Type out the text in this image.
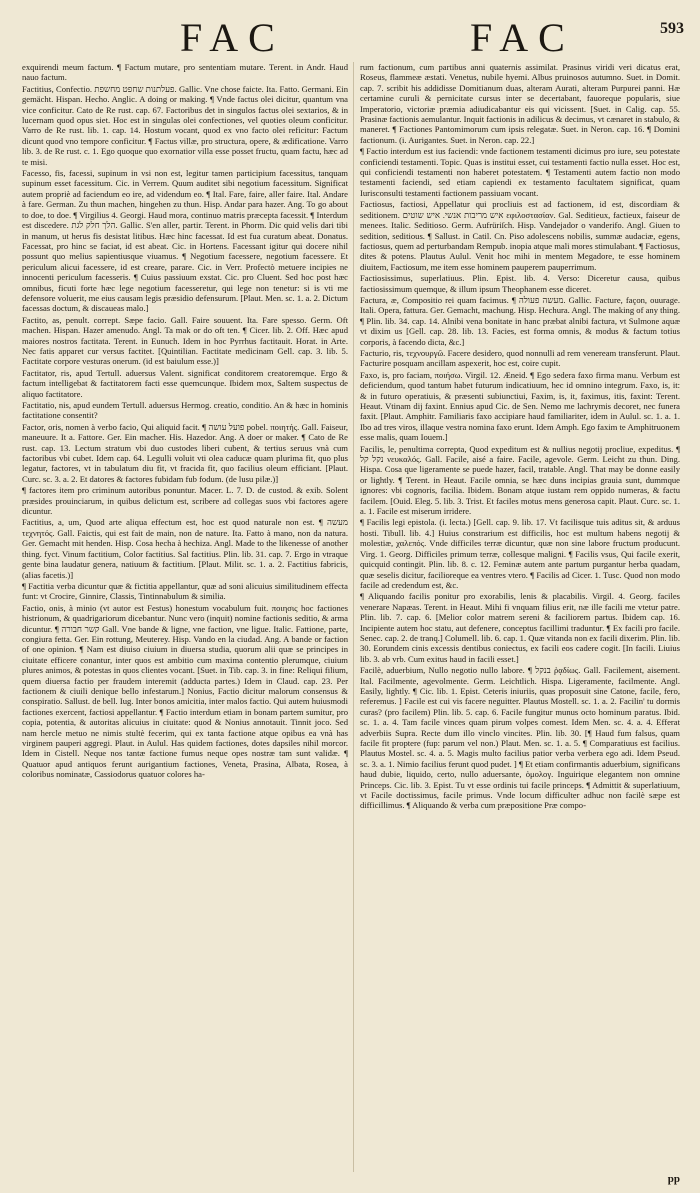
FAC	FAC	593

exquirendi meum factum. ¶ Factum mutare, pro sententiam mutare. Terent. in Andr. Haud nauo factum.

Factitius, Confectio. פעלתנות שחפט מחשפת. Gallic. Vne chose faicte. Ita. Fatto. Germani. Ein gemächt. Hispan. Hecho. Anglic. A doing or making. ¶ Vnde factus olei dicitur, quantum vna vice conficitur. Cato de Re rust. cap. 67. Factoribus det in singulos factus olei sextarios, & in lucernam quod opus siet. Hoc est in singulas olei confectiones, vel quoties oleum conficitur. Varro de Re rust. lib. 1. cap. 14. Hostum vocant, quod ex vno facto olei reficitur: Factum dicunt quod vno tempore conficitur. ¶ Factus villæ, pro structura, opere, & ædificatione. Varro lib. 3. de Re rust. c. 1. Ego quoque quo exornatior villa esse posset fructu, quam factu, hæc ad te misi.

Facesso, fis, facessi, supinum in vsi non est, legitur tamen participium facessitus, tanquam supinum esset facessitum. Cic. in Verrem. Quum auditet sibi negotium facessitum. Significat autem propriè ad faciendum eo ire, ad videndum eo. ¶ Ital. Fare, faire, aller faire. Ital. Andare à fare. German. Zu thun machen, hingehen zu thun. Hisp. Andar para hazer. Ang. To go about to doe, to doe. ¶ Virgilius 4. Georgi. Haud mora, continuo matris præcepta facessit. ¶ Interdum est discedere. הלך חלק לגת. Gallic. S'en aller, partir. Terent. in Phorm. Dic quid velis dari tibi in manum, ut herus fis desistat litibus. Hæc hinc facessat. Id est fua curatum abeat. Donatus. Facessat, pro hinc se faciat, id est abeat. Cic. in Hortens. Facessant igitur qui docere nihil possunt quo melius sapientiusque viuamus. ¶ Negotium facessere, negotium facessere. Et periculum alicui facessere, id est creare, parare. Cic. in Verr. Profectò metuere incipies ne innocenti periculum facesseris. ¶ Cuius passiuum exstat. Cic. pro Cluent. Sed hoc post hæc omnibus, ficuti forte hæc lege negotium facesseretur, qui lege non tenetur: si is vti me defensore voluerit, me eius causam legis præsidio defensurum. [Plaut. Men. sc. 1. a. 2. Dictum facessas doctum, & discaueas malo.]

Factito, as, penult. corrept. Sæpe facio. Gall. Faire souuent. Ita. Fare spesso. Germ. Oft machen. Hispan. Hazer amenudo. Angl. Ta mak or do oft ten. ¶ Cicer. lib. 2. Off. Hæc apud maiores nostros factitata. Terent. in Eunuch. Idem in hoc Pyrrhus factitauit. Horat. in Arte. Nec fatis apparet cur versus factitet. [Quintilian. Factitate medicinam Gell. cap. 3. lib. 5. Factitate corpore vesturas onerum. (id est baiulum esse.)]

Factitator, ris, apud Tertull. aduersus Valent. significat conditorem creatoremque. Ergo & factum intelligebat & factitatorem facti esse quemcunque. Ibidem mox, Saltem suspectus de aliquo factitatore.

Factitatio, nis, apud eundem Tertull. aduersus Hermog. creatio, conditio. An & hæc in hominis factitatione consentit?

Factor, oris, nomen à verbo facio, Qui aliquid facit. ¶ פועל עושה pobel. ποιητής. Gall. Faiseur, maneuure. It a. Fattore. Ger. Ein macher. His. Hazedor. Ang. A doer or maker. ¶ Cato de Re rust. cap. 13. Lectum stratum vbi duo custodes liberi cubent, & tertius seruus vnà cum factoribus vbi cubet. Idem cap. 64. Legulli voluit vti olea caducæ quam plurima fit, quo plus legatur, factores, vt in tabulatum diu fit, vt fracida fit, quo facilius oleum efficiant. [Plaut. Curc. sc. 3. a. 2. Et datores & factores fubidam fub fodum. (de lusu pilæ.)]

¶ factores item pro criminum autoribus ponuntur. Macer. L. 7. D. de custod. & exib. Solent præsides prouinciarum, in quibus delictum est, scribere ad collegas suos vbi factores agere dicuntur.

Factitius, a, um, Quod arte aliqua effectum est, hoc est quod naturale non est. ¶ מעשה τεχνητός. Gall. Faictis, qui est fait de main, non de nature. Ita. Fatto à mano, non da natura. Ger. Gemacht mit henden. Hisp. Cosa hecha à hechiza. Angl. Made to the likenesse of another thing. fyct. Vinum factitium, Color factitius. Sal factitius. Plin. lib. 31. cap. 7. Ergo in vtraque gente bina laudatur genera, natiuum & factitium. [Plaut. Milit. sc. 1. a. 2. Factitius fabricis, (alias facetis.)]

¶ Factitia verba dicuntur quæ & fictitia appellantur, quæ ad soni alicuius similitudinem effecta funt: vt Crocire, Ginnire, Classis, Tintinnabulum & similia.

Factio, onis, à minio (vt autor est Festus) honestum vocabulum fuit. ποιησις hoc factiones histrionum, & quadrigariorum dicebantur. Nunc vero (inquit) nomine factionis seditio, & arma dicuntur. ¶ קשר חבורה Gall. Vne bande & ligne, vne faction, vne ligue. Italic. Fattione, parte, congiura fetta. Ger. Ein rottung, Meuterey. Hisp. Vando en la ciudad. Ang. A bande or faction of one opinion. ¶ Nam est diuiso ciuium in diuersa studia, quorum alii quæ se principes in ciuitate efficere conantur, inter quos est ambitio cum maxima contentio plerumque, ciuium plures animos, & potestas in quos clientes vocant. [Suet. in Tib. cap. 3. in fine: Reliqui filium, quem diuersa factio per fraudem interemit (adducta partes.) Idem in Claud. cap. 23. Per factionem & ciuili denique bello infestarum.] Nonius, Factio dicitur malorum consensus & conspiratio. Sallust. de bell. Iug. Inter bonos amicitia, inter malos factio. Qui autem huiusmodi factiones exercent, factiosi appellantur. ¶ Factio interdum etiam in bonam partem sumitur, pro copia, potentia, & autoritas alicuius in ciuitate: quod & Nonius annotauit. Tinnit joco. Sed nam hercle metuo ne nimis stultè fecerim, qui ex tanta factione atque opibus ea vnà has virginem pauperi aggregi. Plaut. in Aulul. Has quidem factiones, dotes dapsiles nihil morcor. Idem in Cistell. Neque nos tantæ factione fumus neque opes nostræ tam sunt validæ. ¶ Quatuor apud antiquos ferunt aurigantium factiones, Veneta, Prasina, Albata, Rosea, à coloribus nominatæ, Cassiodorus quatuor colores ha-

rum factionum, cum partibus anni quaternis assimilat. Prasinus viridi veri dicatus erat, Roseus, flammeæ æstati. Venetus, nubile hyemi. Albus pruinosos autumno. Suet. in Domit. cap. 7. scribit his addidisse Domitianum duas, alteram Aurati, alteram Purpurei panni. Hæ certamine curuli & pernicitate cursus inter se decertabant, fauoreque popularis, siue Imperatorio, victoriæ præmia adiudicabantur eis qui vicissent. [Suet. in Calig. cap. 55. Prasinæ factionis aemulantur. Inquit factionis in adilicus & decimus, vt cænaret in stabulo, & maneret. ¶ Factiones Pantomimorum cum ipsis relegatæ. Suet. in Neron. cap. 16. ¶ Domini factionum. (i. Aurigantes. Suet. in Neron. cap. 22.]

¶ Factio interdum est ius faciendi: vnde factionem testamenti dicimus pro iure, seu potestate conficiendi testamenti. Topic. Quas is institui esset, cui testamenti factio nulla esset. Hoc est, qui conficiendi testamenti non haberet potestatem. ¶ Testamenti autem factio non modo testamenti faciendi, sed etiam capiendi ex testamento facultatem significat, quam Iurisconsulti testamenti factionem passiuam vocant.

Factiosus, factiosi, Appellatur qui procliuis est ad factionem, id est, discordiam & seditionem. איש מריבות אנשי. איש שוטים εφιλοστασίαν. Gal. Seditieux, factieux, faiseur de menees. Italic. Seditioso. Germ. Aufrüriſch. Hisp. Vandejador o vanderifo. Angl. Giuen to sedition, seditious. ¶ Sallust. in Catil. Cn. Piso adolescens nobilis, summæ audaciæ, egens, factiosus, quem ad perturbandam Rempub. inopia atque mali mores stimulabant. ¶ Factiosus, dites & potens. Plautus Aulul. Venit hoc mihi in mentem Megadore, te esse hominem diuitem, Factiosum, me item esse hominem pauperem pauperrimum.

Factiosissimus, superlatiuus. Plin. Epist. lib. 4. Verso: Diceretur causa, quibus factiosissimum quemque, & illum ipsum Theophanem esse diceret.

Factura, æ, Compositio rei quam facimus. ¶ מעשה פעולה. Gallic. Facture, façon, ouurage. Itali. Opera, fattura. Ger. Gemacht, machung. Hisp. Hechura. Angl. The making of any thing. ¶ Plin. lib. 34. cap. 14. Alnibi vena bonitate in hanc præbat alnibi factura, vt Sulmone aquæ vt dixim us [Gell. cap. 28. lib. 13. Facies, est forma omnis, & modus & factum totius corporis, à facendo dicta, &c.]

Facturio, ris, τεχνουργῶ. Facere desidero, quod nonnulli ad rem veneream transferunt. Plaut. Facturire posquam ancillam aspexerit, hoc est, coire cupit.

Faxo, is, pro faciam, ποιήσω. Virgil. 12. Æneid. ¶ Ego sedera faxo firma manu. Verbum est deficiendum, quod tantum habet futurum indicatiuum, hec id omnino integrum. Faxo, is, it: & in futuro operatiuis, & præsenti subiunctiui, Faxim, is, it, faximus, itis, faxint: Terent. Heaut. Vtinam dij faxint. Ennius apud Cic. de Sen. Nemo me lachrymis decoret, nec funera faxit. [Plaut. Amphitr. Familiaris faxo accipiare haud familiariter, idem in Aulul. sc. 1. a. 1. Ibo ad tres viros, illaque vestra nomina faxo erunt. Idem Amph. Ego faxim te Amphitruonem esse malis, quam Iouem.]

Facilis, le, penultima correpta, Quod expeditum est & nullius negotij procliue, expeditus. ¶ נקל קל νευκαλός. Gall. Facile, aisé a faire. Facile, agevole. Germ. Leicht zu thun. Ding. Hispa. Cosa que ligeramente se puede hazer, facil, tratable. Angl. That may be donne easily or lightly. ¶ Terent. in Heaut. Facile omnia, se hæc duns incipias grauia sunt, dummque ignores: vbi cognoris, facilia. Ibidem. Bonam atque iustam rem oppido numeras, & factu facilem. [Ouid. Eleg. 5. lib. 3. Trist. Et faciles motus mens generosa capit. Plaut. Curc. sc. 1. a. 1. Facile est miserum irridere.

¶ Facilis legi epistola. (i. lecta.) [Gell. cap. 9. lib. 17. Vt facilisque tuis aditus sit, & arduus hosti. Tibull. lib. 4.] Huius constrarium est difficilis, hoc est multum habens negotij & molestiæ, χαλεπός. Vnde difficiles terræ dicuntur, quæ non sine labore fructum producunt. Virg. 1. Georg. Difficiles primum terræ, collesque maligni. ¶ Facilis vsus, Qui facile exerit, quicquid contingit. Plin. lib. 8. c. 12. Feminæ autem ante partum purgantur herba quadam, quæ seselis dicitur, facilioreque ea ventres vtero. ¶ Facilis ad Cicer. 1. Tusc. Quod non modo facile ad credendum est, &c.

¶ Aliquando facilis ponitur pro exorabilis, lenis & placabilis. Virgil. 4. Georg. faciles venerare Napæas. Terent. in Heaut. Mihi fi vnquam filius erit, næ ille facili me vtetur patre. Plin. lib. 7. cap. 6. [Melior color matrem sereni & faciliorem partus. Ibidem cap. 16. Incipiente autem hoc statu, aut defenere, conceptus facillimi traduntur. ¶ Ex facili pro facile. Senec. cap. 2. de tranq.] Columell. lib. 6. cap. 1. Quæ vitanda non ex facili dixerim. Plin. lib. 30. Eorundem cinis excessis dentibus coniectus, ex facili eos cadere cogit. [In facili. Liuius lib. 3. ab vrb. Cum exitus haud in facili esset.]

Facilè, aduerbium, Nullo negotio nullo labore. ¶ בנקל ῥᾳδίως. Gall. Facilement, aisement. Ital. Facilmente, agevolmente. Germ. Leichtlich. Hispa. Ligeramente, facilmente. Angl. Easily, lightly. ¶ Cic. lib. 1. Epist. Ceteris iniuriis, quas proposuit sine Catone, facile, fero, referemus. ] Facile est cui vis facere neguitter. Plautus Mostell. sc. 1. a. 2. Facilin' tu dormis curas? (pro facilem) Plin. lib. 5. cap. 6. Facile fungitur munus octo hominum paratus. Ibid. sc. 1. a. 4. Tam facile vinces quam pirum volpes comest. Idem Men. sc. 4. a. 4. Efferat adverbiis Supra. Recte dum illo vinclo vincites. Plin. lib. 30. [¶ Haud fum falsus, quam facile fit proptere (fup: parum vel non.) Plaut. Men. sc. 1. a. 5. ¶ Comparatiuus est facilius. Plautus Mostel. sc. 4. a. 5. Magis multo facilius patior verba verbera ego adi. Idem Pseud. sc. 3. a. 1. Nimio facilius ferunt quod pudet. ] ¶ Et etiam confirmantis aduerbium, significans haud dubie, liquido, certo, nullo aduersante, ὁμολογ. Inguirique elegantem non omnine Princeps. Cic. lib. 3. Epist. Tu vt esse ordinis tui facile princeps. ¶ Admittit & superlatiuum, vt Facile doctissimus, facile primus. Vnde locum difficulter adhuc non facilè sæpe est difficillimus. ¶ Aliquando & verba cum præpositione Præ compo-

pp
